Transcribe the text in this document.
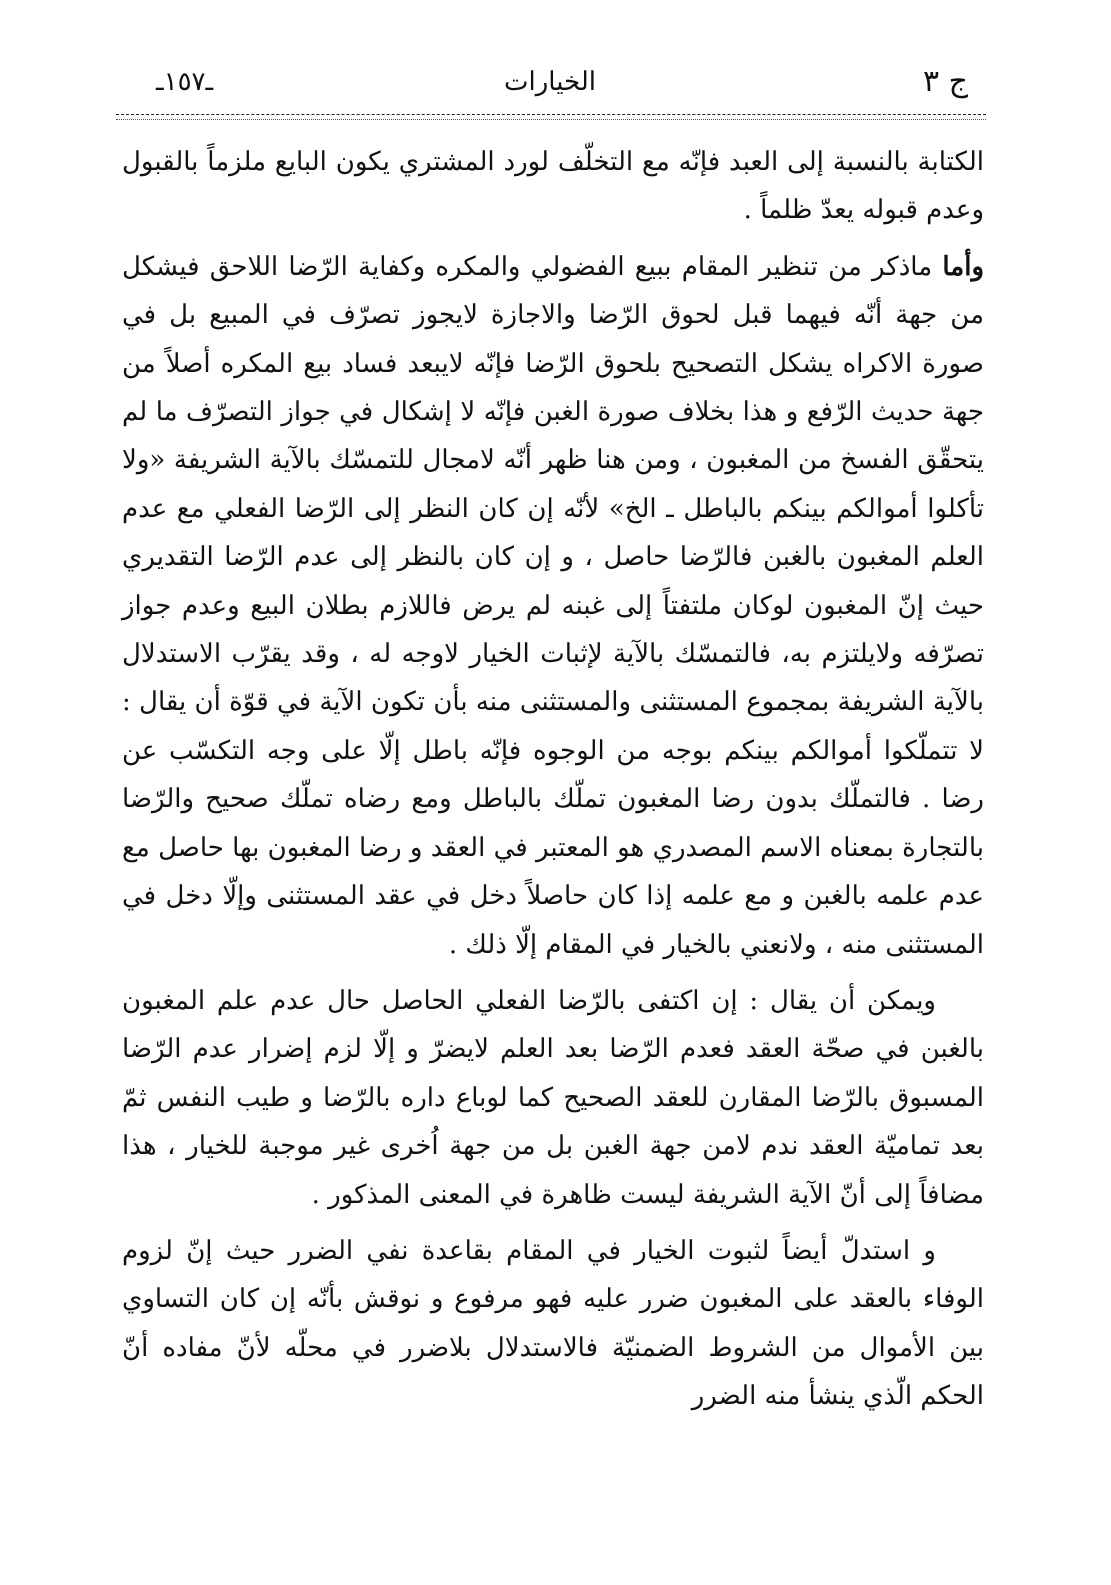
ج ٣
الخيارات
ـ١٥٧ـ

الكتابة بالنسبة إلى العبد فإنّه مع التخلّف لورد المشتري يكون البايع ملزماً بالقبول وعدم قبوله يعدّ ظلماً .

وأما ماذكر من تنظير المقام ببيع الفضولي والمكره وكفاية الرّضا اللاحق فيشكل من جهة أنّه فيهما قبل لحوق الرّضا والاجازة لايجوز تصرّف في المبيع بل في صورة الاكراه يشكل التصحيح بلحوق الرّضا فإنّه لايبعد فساد بيع المكره أصلاً من جهة حديث الرّفع و هذا بخلاف صورة الغبن فإنّه لا إشكال في جواز التصرّف ما لم يتحقّق الفسخ من المغبون ، ومن هنا ظهر أنّه لامجال للتمسّك بالآية الشريفة «ولا تأكلوا أموالكم بينكم بالباطل ـ الخ» لأنّه إن كان النظر إلى الرّضا الفعلي مع عدم العلم المغبون بالغبن فالرّضا حاصل ، و إن كان بالنظر إلى عدم الرّضا التقديري حيث إنّ المغبون لوكان ملتفتاً إلى غبنه لم يرض فاللازم بطلان البيع وعدم جواز تصرّفه ولايلتزم به، فالتمسّك بالآية لإثبات الخيار لاوجه له ، وقد يقرّب الاستدلال بالآية الشريفة بمجموع المستثنى والمستثنى منه بأن تكون الآية في قوّة أن يقال : لا تتملّكوا أموالكم بينكم بوجه من الوجوه فإنّه باطل إلّا على وجه التكسّب عن رضا . فالتملّك بدون رضا المغبون تملّك بالباطل ومع رضاه تملّك صحيح والرّضا بالتجارة بمعناه الاسم المصدري هو المعتبر في العقد و رضا المغبون بها حاصل مع عدم علمه بالغبن و مع علمه إذا كان حاصلاً دخل في عقد المستثنى وإلّا دخل في المستثنى منه ، ولانعني بالخيار في المقام إلّا ذلك .

ويمكن أن يقال : إن اكتفى بالرّضا الفعلي الحاصل حال عدم علم المغبون بالغبن في صحّة العقد فعدم الرّضا بعد العلم لايضرّ و إلّا لزم إضرار عدم الرّضا المسبوق بالرّضا المقارن للعقد الصحيح كما لوباع داره بالرّضا و طيب النفس ثمّ بعد تماميّة العقد ندم لامن جهة الغبن بل من جهة اُخرى غير موجبة للخيار ، هذا مضافاً إلى أنّ الآية الشريفة ليست ظاهرة في المعنى المذكور .

و استدلّ أيضاً لثبوت الخيار في المقام بقاعدة نفي الضرر حيث إنّ لزوم الوفاء بالعقد على المغبون ضرر عليه فهو مرفوع و نوقش بأنّه إن كان التساوي بين الأموال من الشروط الضمنيّة فالاستدلال بلاضرر في محلّه لأنّ مفاده أنّ الحكم الّذي ينشأ منه الضرر
